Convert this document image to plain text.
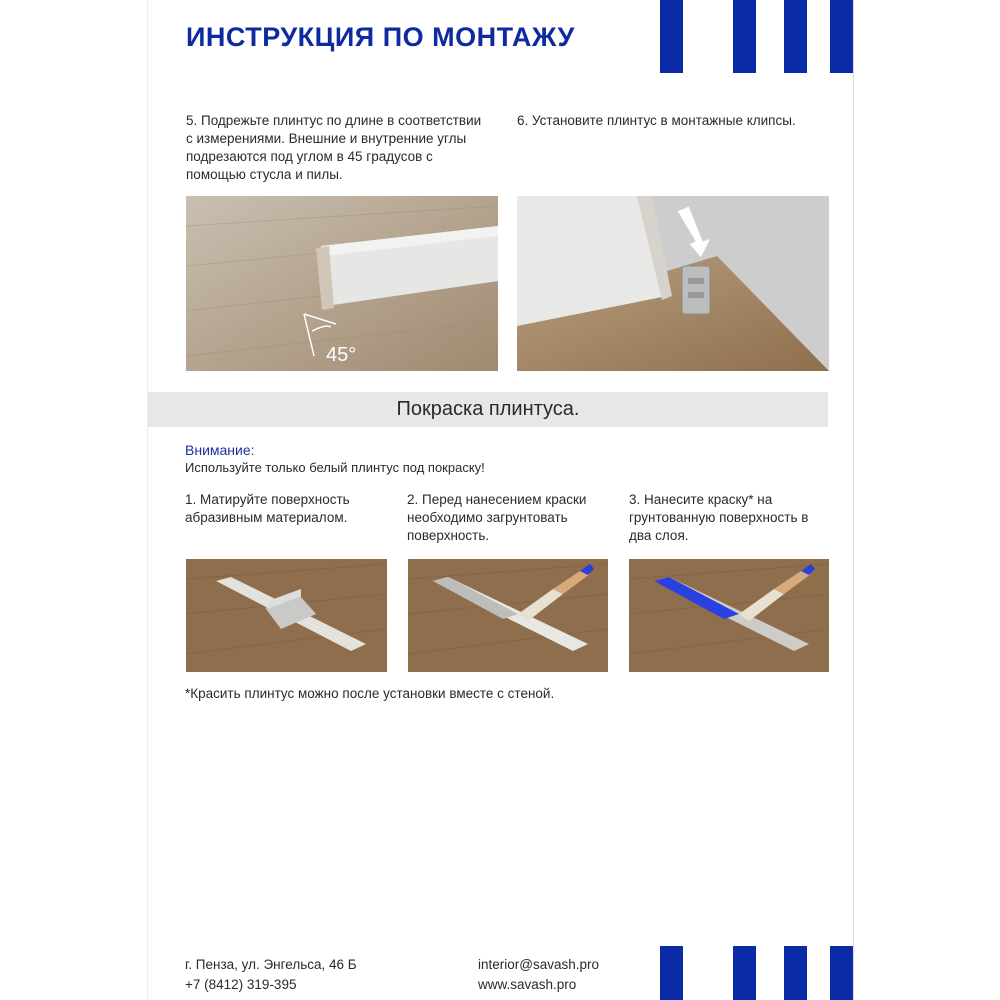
ИНСТРУКЦИЯ ПО МОНТАЖУ
5. Подрежьте плинтус по длине в соответствии с измерениями. Внешние и внутренние углы подрезаются под углом в 45 градусов с помощью стусла и пилы.
6. Установите плинтус в монтажные клипсы.
45°
Покраска плинтуса.
Внимание:
Используйте только белый плинтус под покраску!
1. Матируйте поверхность абразивным материалом.
2. Перед нанесением краски необходимо загрунтовать поверхность.
3. Нанесите краску* на грунтованную поверхность в два слоя.
*Красить плинтус можно после установки вместе с стеной.
г. Пенза, ул. Энгельса, 46 Б
+7 (8412) 319-395
interior@savash.pro
www.savash.pro
